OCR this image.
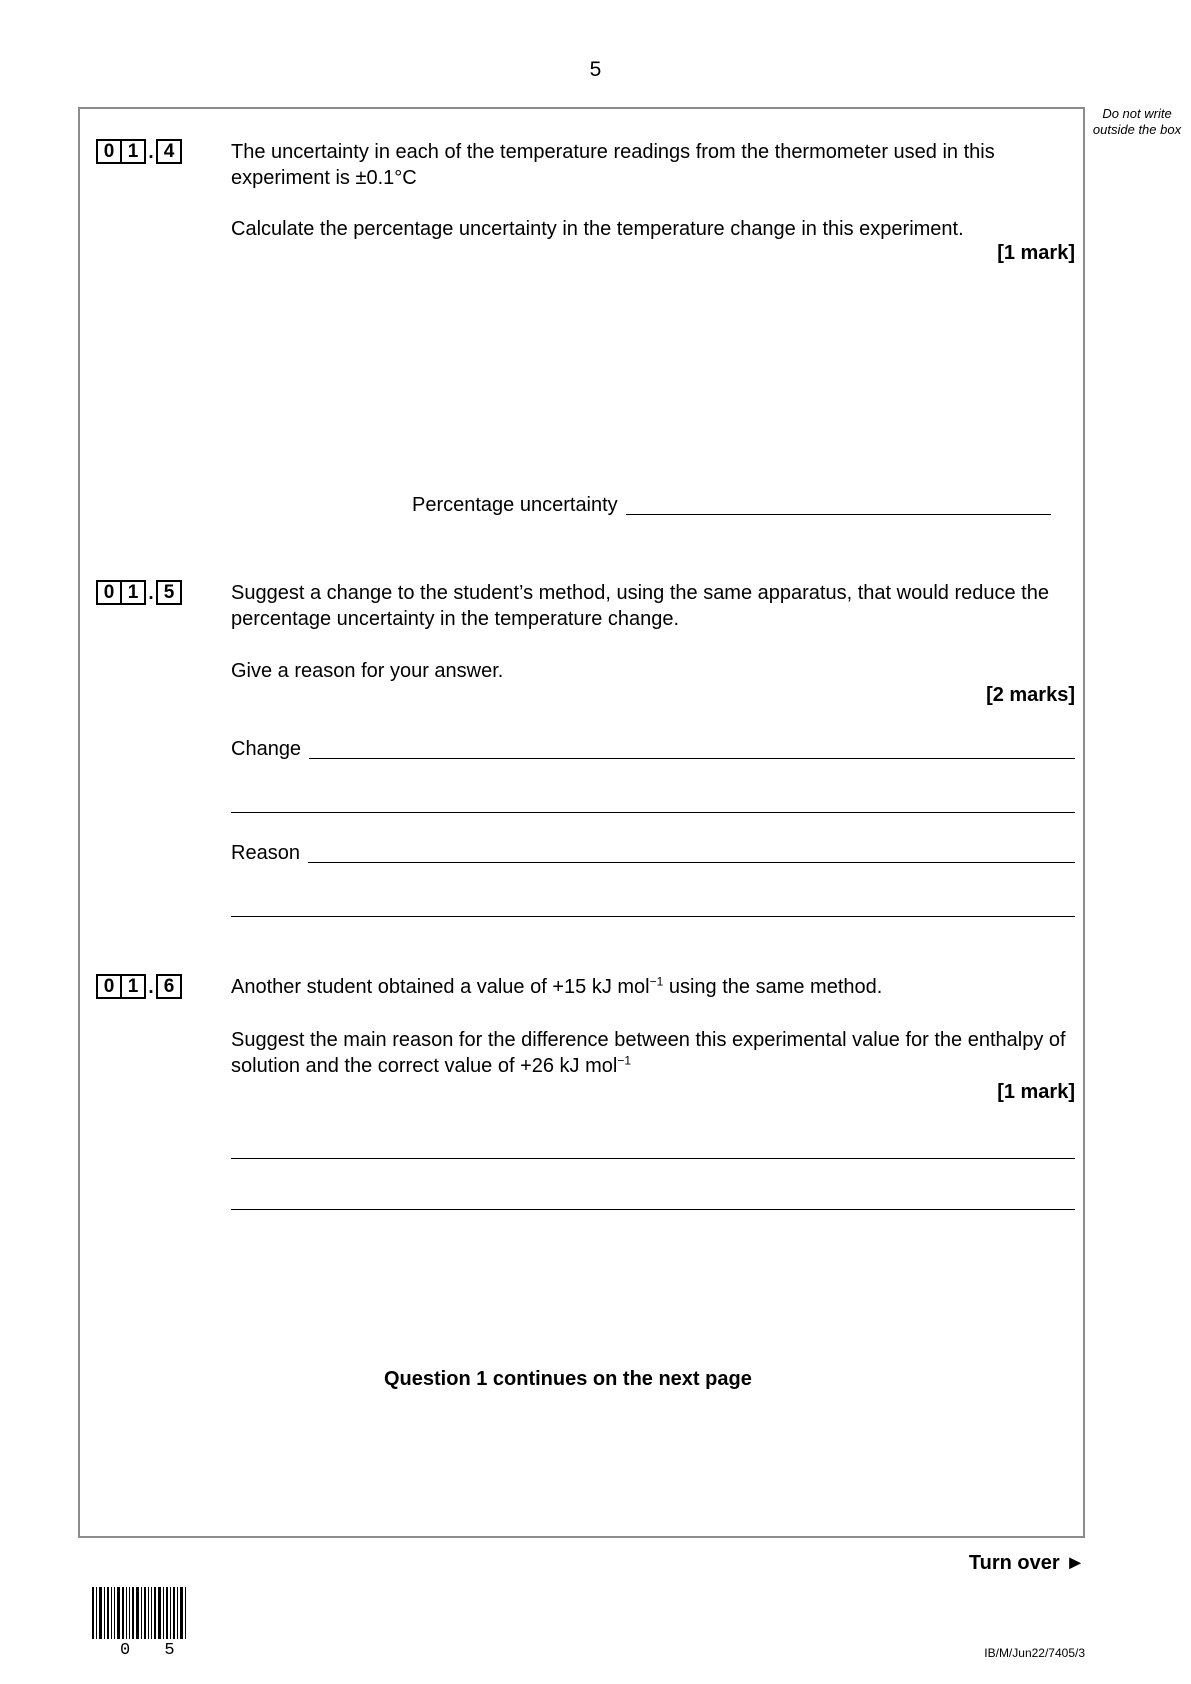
5
Do not write outside the box
0 1 . 4	The uncertainty in each of the temperature readings from the thermometer used in this experiment is ±0.1°C
Calculate the percentage uncertainty in the temperature change in this experiment.
[1 mark]
Percentage uncertainty
0 1 . 5	Suggest a change to the student’s method, using the same apparatus, that would reduce the percentage uncertainty in the temperature change.
Give a reason for your answer.
[2 marks]
Change
Reason
0 1 . 6	Another student obtained a value of +15 kJ mol$^{-1}$ using the same method.
Suggest the main reason for the difference between this experimental value for the enthalpy of solution and the correct value of +26 kJ mol$^{-1}$
[1 mark]
Question 1 continues on the next page
Turn over ►
0 5	IB/M/Jun22/7405/3
